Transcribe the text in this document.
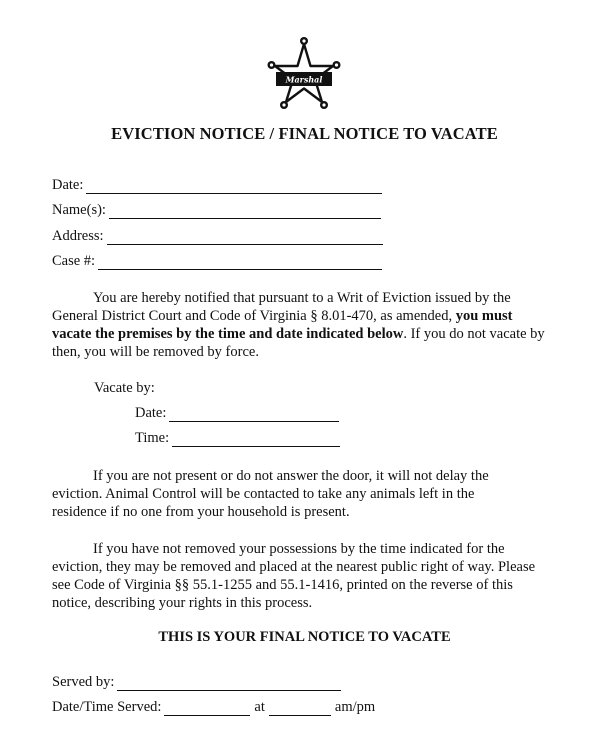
Marshal
EVICTION NOTICE / FINAL NOTICE TO VACATE
Date:
Name(s):
Address:
Case #:
You are hereby notified that pursuant to a Writ of Eviction issued by the General District Court and Code of Virginia § 8.01-470, as amended, you must vacate the premises by the time and date indicated below. If you do not vacate by then, you will be removed by force.
Vacate by:
Date:
Time:
If you are not present or do not answer the door, it will not delay the eviction. Animal Control will be contacted to take any animals left in the residence if no one from your household is present.
If you have not removed your possessions by the time indicated for the eviction, they may be removed and placed at the nearest public right of way. Please see Code of Virginia §§ 55.1-1255 and 55.1-1416, printed on the reverse of this notice, describing your rights in this process.
THIS IS YOUR FINAL NOTICE TO VACATE
Served by:
Date/Time Served:	at	am/pm
